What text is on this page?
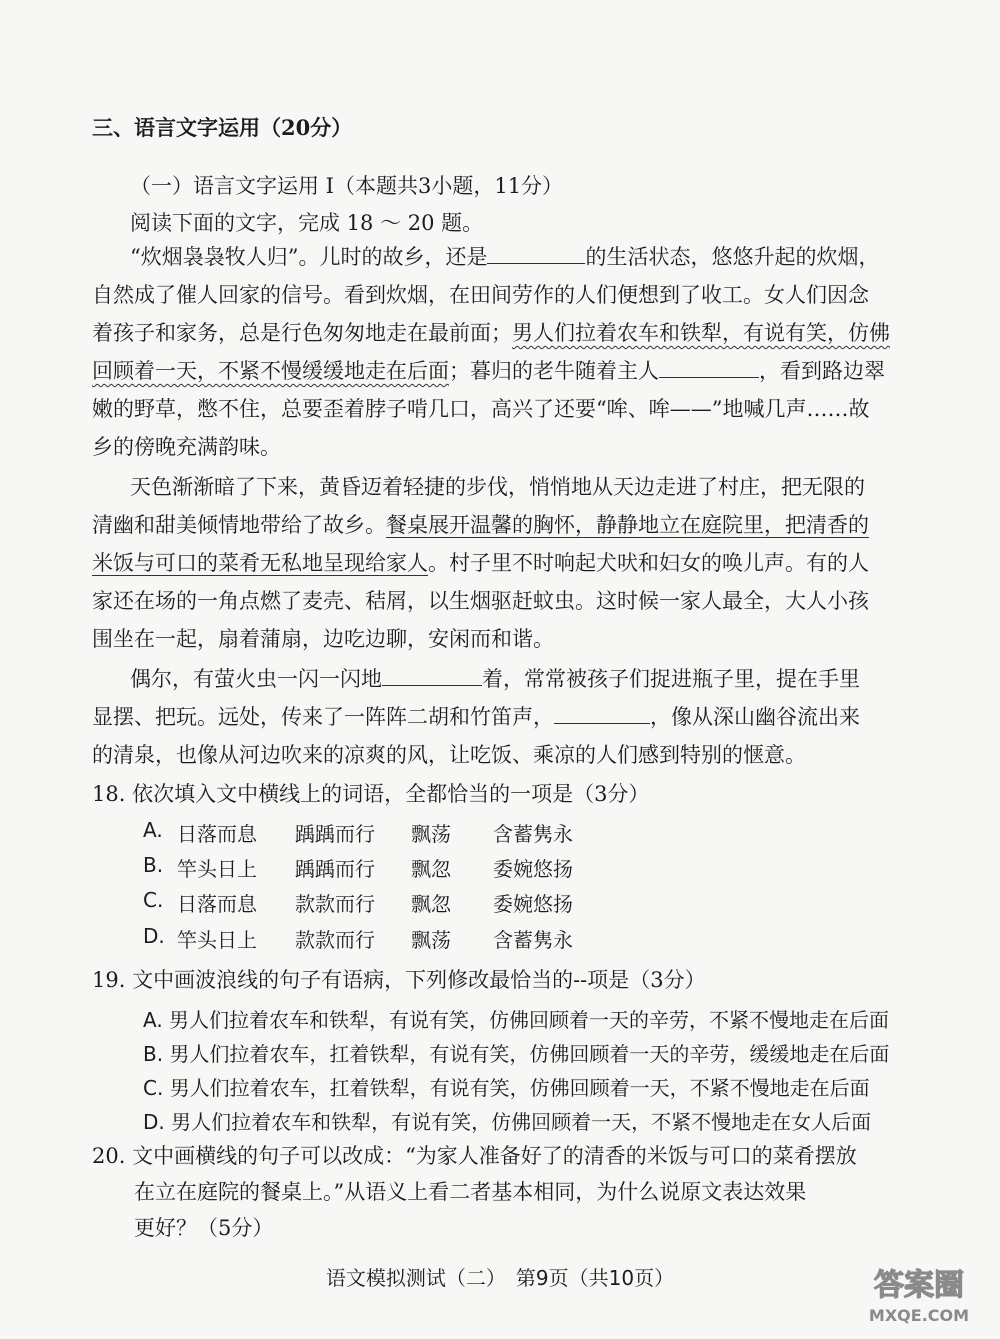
三、语言文字运用（20分）
（一）语言文字运用 Ⅰ（本题共3小题，11分）
阅读下面的文字，完成 18 ～ 20 题。
“炊烟袅袅牧人归”。儿时的故乡，还是	的生活状态，悠悠升起的炊烟，
自然成了催人回家的信号。看到炊烟，在田间劳作的人们便想到了收工。女人们因念
着孩子和家务，总是行色匆匆地走在最前面；男人们拉着农车和铁犁，有说有笑，仿佛
回顾着一天，不紧不慢缓缓地走在后面；暮归的老牛随着主人	，看到路边翠
嫩的野草，憋不住，总要歪着脖子啃几口，高兴了还要“哞、哞——”地喊几声……故
乡的傍晚充满韵味。
天色渐渐暗了下来，黄昏迈着轻捷的步伐，悄悄地从天边走进了村庄，把无限的
清幽和甜美倾情地带给了故乡。餐桌展开温馨的胸怀，静静地立在庭院里，把清香的
米饭与可口的菜肴无私地呈现给家人。村子里不时响起犬吠和妇女的唤儿声。有的人
家还在场的一角点燃了麦壳、秸屑，以生烟驱赶蚊虫。这时候一家人最全，大人小孩
围坐在一起，扇着蒲扇，边吃边聊，安闲而和谐。
偶尔，有萤火虫一闪一闪地	着，常常被孩子们捉进瓶子里，提在手里
显摆、把玩。远处，传来了一阵阵二胡和竹笛声，	，像从深山幽谷流出来
的清泉，也像从河边吹来的凉爽的风，让吃饭、乘凉的人们感到特别的惬意。
18. 依次填入文中横线上的词语，全都恰当的一项是（3分）
A. 日落而息 踽踽而行 飘荡 含蓄隽永
B. 竿头日上 踽踽而行 飘忽 委婉悠扬
C. 日落而息 款款而行 飘忽 委婉悠扬
D. 竿头日上 款款而行 飘荡 含蓄隽永
19. 文中画波浪线的句子有语病，下列修改最恰当的--项是（3分）
A. 男人们拉着农车和铁犁，有说有笑，仿佛回顾着一天的辛劳，不紧不慢地走在后面
B. 男人们拉着农车，扛着铁犁，有说有笑，仿佛回顾着一天的辛劳，缓缓地走在后面
C. 男人们拉着农车，扛着铁犁，有说有笑，仿佛回顾着一天，不紧不慢地走在后面
D. 男人们拉着农车和铁犁，有说有笑，仿佛回顾着一天，不紧不慢地走在女人后面
20. 文中画横线的句子可以改成：“为家人准备好了的清香的米饭与可口的菜肴摆放
在立在庭院的餐桌上。”从语义上看二者基本相同，为什么说原文表达效果
更好？（5分）
语文模拟测试（二）　第9页（共10页）	答案圈
MXQE.COM
